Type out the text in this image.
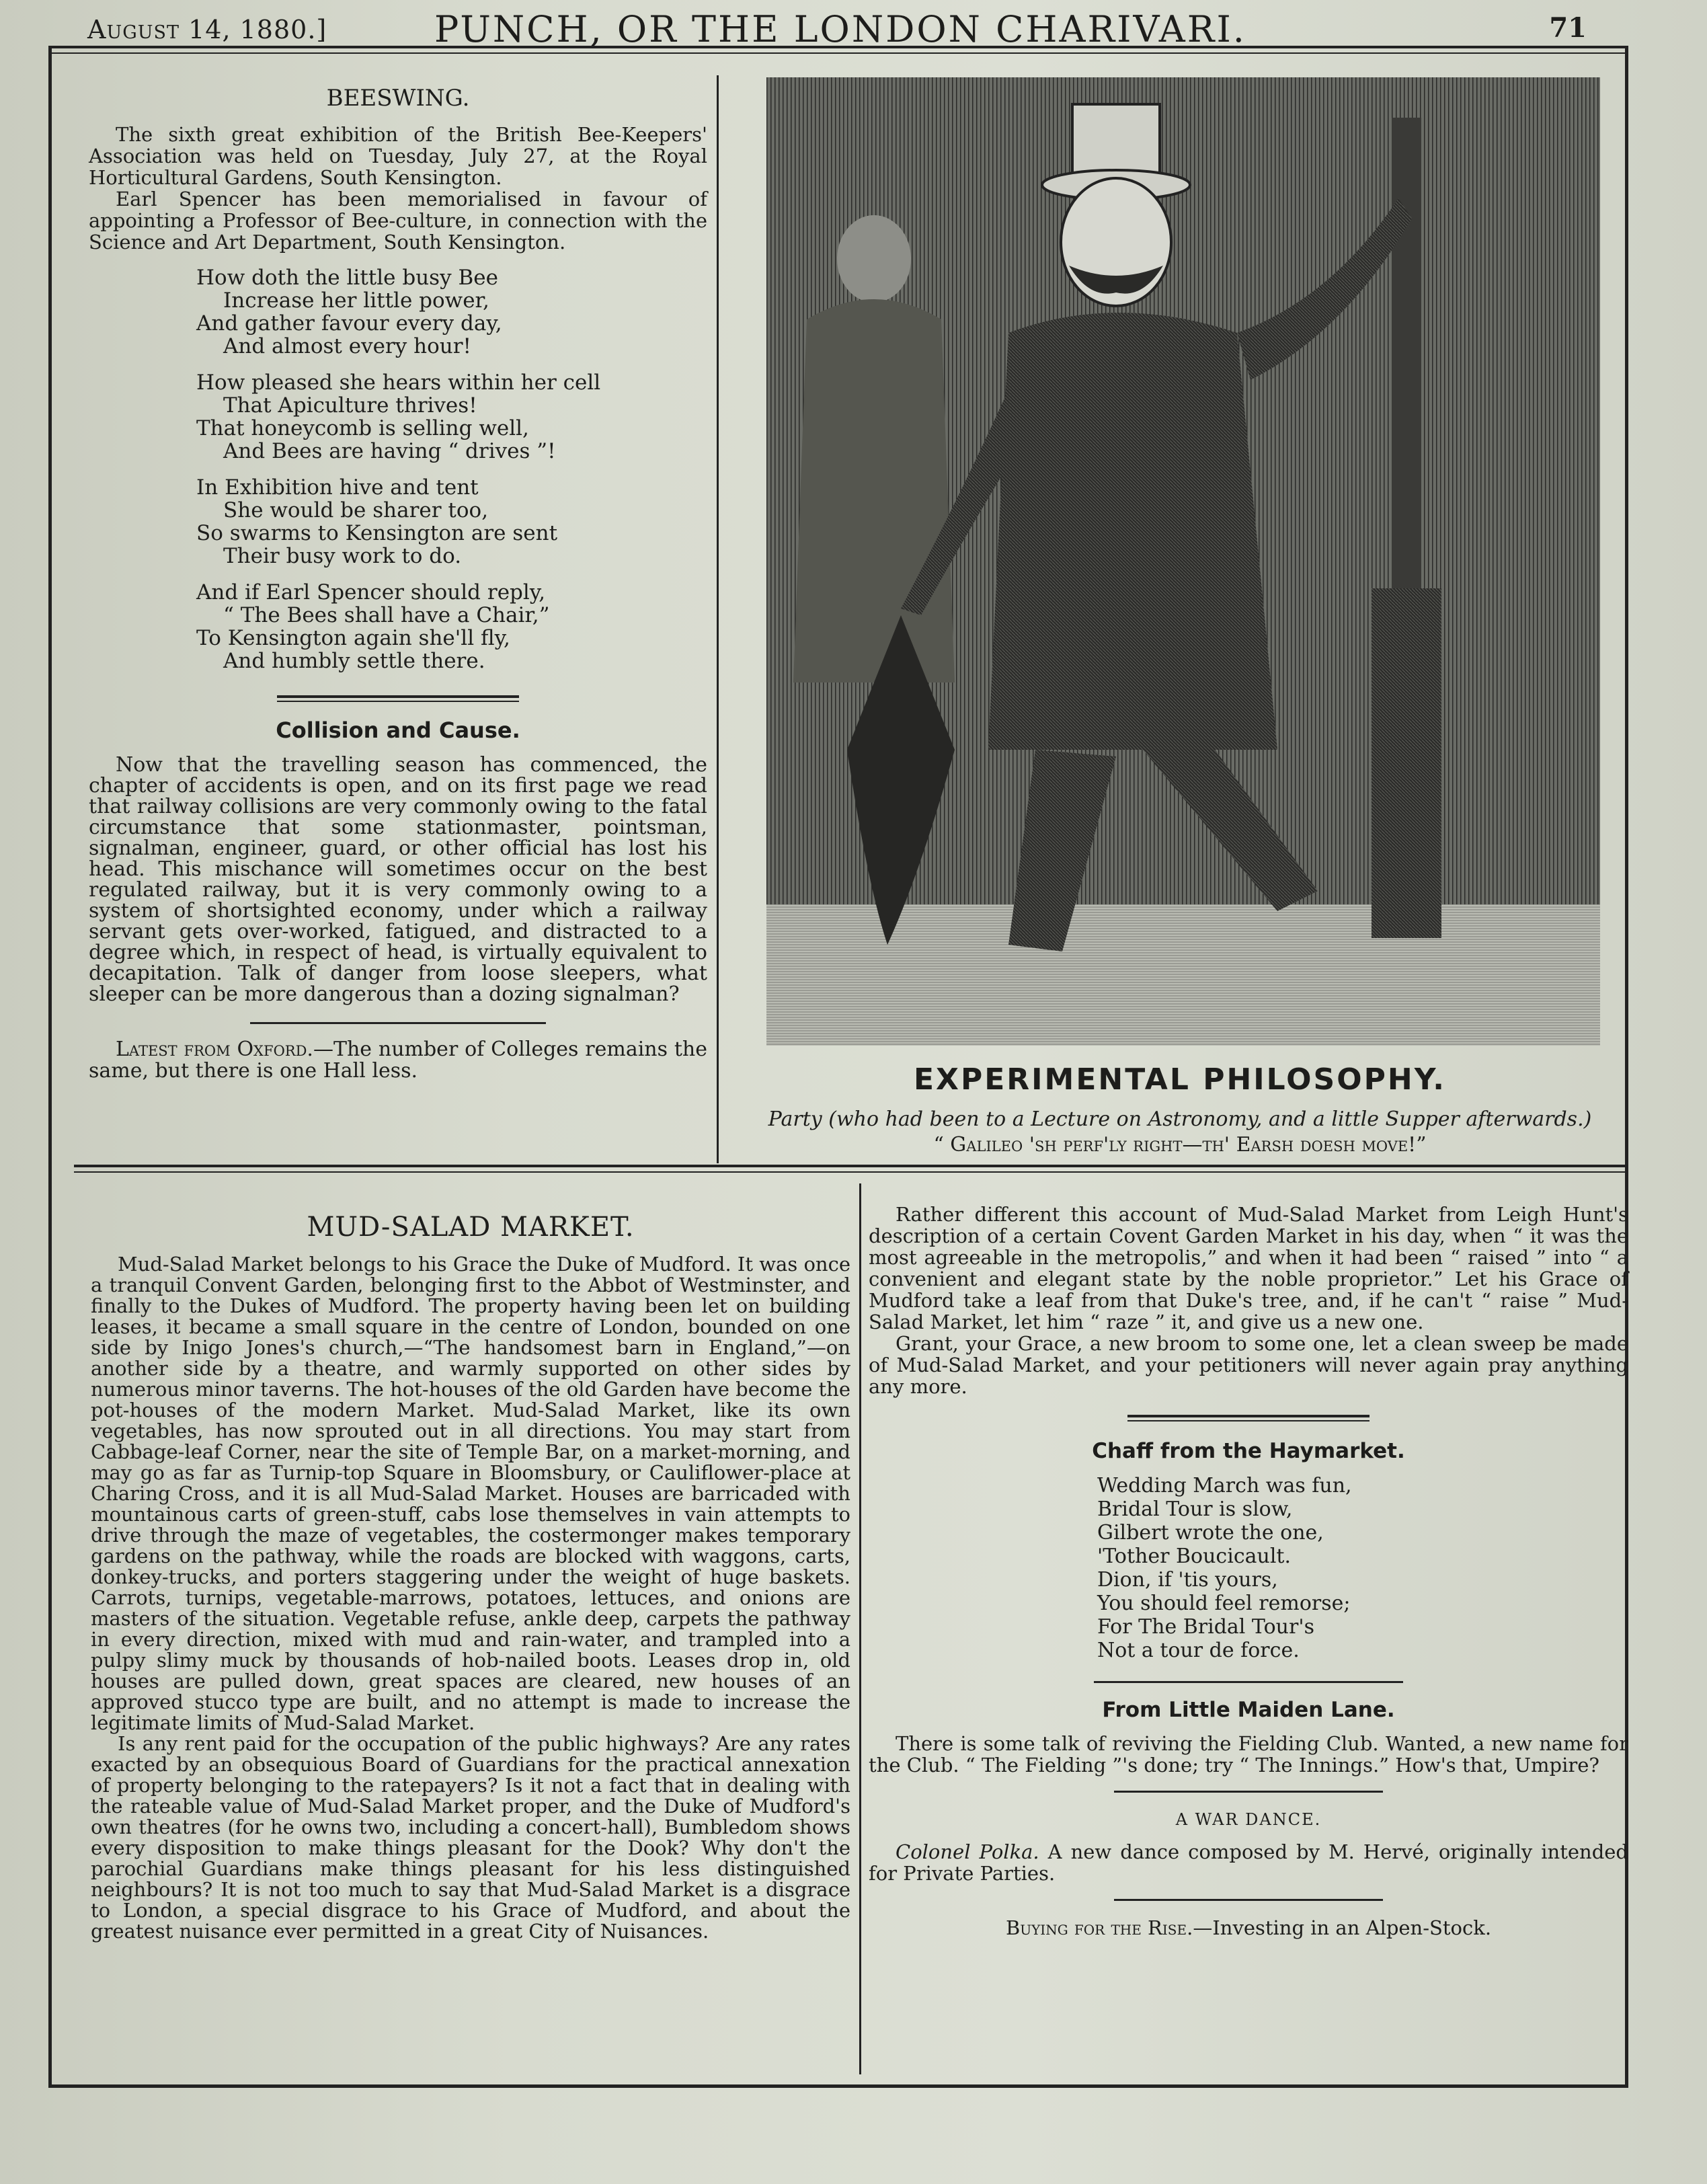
August 14, 1880.]	PUNCH, OR THE LONDON CHARIVARI.	71
BEESWING.

The sixth great exhibition of the British Bee-Keepers' Association was held on Tuesday, July 27, at the Royal Horticultural Gardens, South Kensington.

Earl Spencer has been memorialised in favour of appointing a Professor of Bee-culture, in connection with the Science and Art Department, South Kensington.

How doth the little busy Bee
Increase her little power,
And gather favour every day,
And almost every hour!
How pleased she hears within her cell
That Apiculture thrives!
That honeycomb is selling well,
And Bees are having “ drives ”!
In Exhibition hive and tent
She would be sharer too,
So swarms to Kensington are sent
Their busy work to do.
And if Earl Spencer should reply,
“ The Bees shall have a Chair,”
To Kensington again she'll fly,
And humbly settle there.
Collision and Cause.

Now that the travelling season has commenced, the chapter of accidents is open, and on its first page we read that railway collisions are very commonly owing to the fatal circumstance that some stationmaster, pointsman, signalman, engineer, guard, or other official has lost his head. This mischance will sometimes occur on the best regulated railway, but it is very commonly owing to a system of shortsighted economy, under which a railway servant gets over-worked, fatigued, and distracted to a degree which, in respect of head, is virtually equivalent to decapitation. Talk of danger from loose sleepers, what sleeper can be more dangerous than a dozing signalman?

Latest from Oxford.—The number of Colleges remains the same, but there is one Hall less.	EXPERIMENTAL PHILOSOPHY.
Party (who had been to a Lecture on Astronomy, and a little Supper afterwards.)
“ Galileo 'sh perf'ly right—th' Earsh doesh move!”
MUD-SALAD MARKET.

Mud-Salad Market belongs to his Grace the Duke of Mudford. It was once a tranquil Convent Garden, belonging first to the Abbot of Westminster, and finally to the Dukes of Mudford. The property having been let on building leases, it became a small square in the centre of London, bounded on one side by Inigo Jones's church,—“The handsomest barn in England,”—on another side by a theatre, and warmly supported on other sides by numerous minor taverns. The hot-houses of the old Garden have become the pot-houses of the modern Market. Mud-Salad Market, like its own vegetables, has now sprouted out in all directions. You may start from Cabbage-leaf Corner, near the site of Temple Bar, on a market-morning, and may go as far as Turnip-top Square in Bloomsbury, or Cauliflower-place at Charing Cross, and it is all Mud-Salad Market. Houses are barricaded with mountainous carts of green-stuff, cabs lose themselves in vain attempts to drive through the maze of vegetables, the costermonger makes temporary gardens on the pathway, while the roads are blocked with waggons, carts, donkey-trucks, and porters staggering under the weight of huge baskets. Carrots, turnips, vegetable-marrows, potatoes, lettuces, and onions are masters of the situation. Vegetable refuse, ankle deep, carpets the pathway in every direction, mixed with mud and rain-water, and trampled into a pulpy slimy muck by thousands of hob-nailed boots. Leases drop in, old houses are pulled down, great spaces are cleared, new houses of an approved stucco type are built, and no attempt is made to increase the legitimate limits of Mud-Salad Market.

Is any rent paid for the occupation of the public highways? Are any rates exacted by an obsequious Board of Guardians for the practical annexation of property belonging to the ratepayers? Is it not a fact that in dealing with the rateable value of Mud-Salad Market proper, and the Duke of Mudford's own theatres (for he owns two, including a concert-hall), Bumbledom shows every disposition to make things pleasant for the Dook? Why don't the parochial Guardians make things pleasant for his less distinguished neighbours? It is not too much to say that Mud-Salad Market is a disgrace to London, a special disgrace to his Grace of Mudford, and about the greatest nuisance ever permitted in a great City of Nuisances.

Rather different this account of Mud-Salad Market from Leigh Hunt's description of a certain Covent Garden Market in his day, when “ it was the most agreeable in the metropolis,” and when it had been “ raised ” into “ a convenient and elegant state by the noble proprietor.” Let his Grace of Mudford take a leaf from that Duke's tree, and, if he can't “ raise ” Mud-Salad Market, let him “ raze ” it, and give us a new one.

Grant, your Grace, a new broom to some one, let a clean sweep be made of Mud-Salad Market, and your petitioners will never again pray anything any more.

Chaff from the Haymarket.
Wedding March was fun,
Bridal Tour is slow,
Gilbert wrote the one,
'Tother Boucicault.
Dion, if 'tis yours,
You should feel remorse;
For The Bridal Tour's
Not a tour de force.
From Little Maiden Lane.

There is some talk of reviving the Fielding Club. Wanted, a new name for the Club. “ The Fielding ”'s done; try “ The Innings.” How's that, Umpire?

A WAR DANCE.

Colonel Polka. A new dance composed by M. Hervé, originally intended for Private Parties.

Buying for the Rise.—Investing in an Alpen-Stock.
